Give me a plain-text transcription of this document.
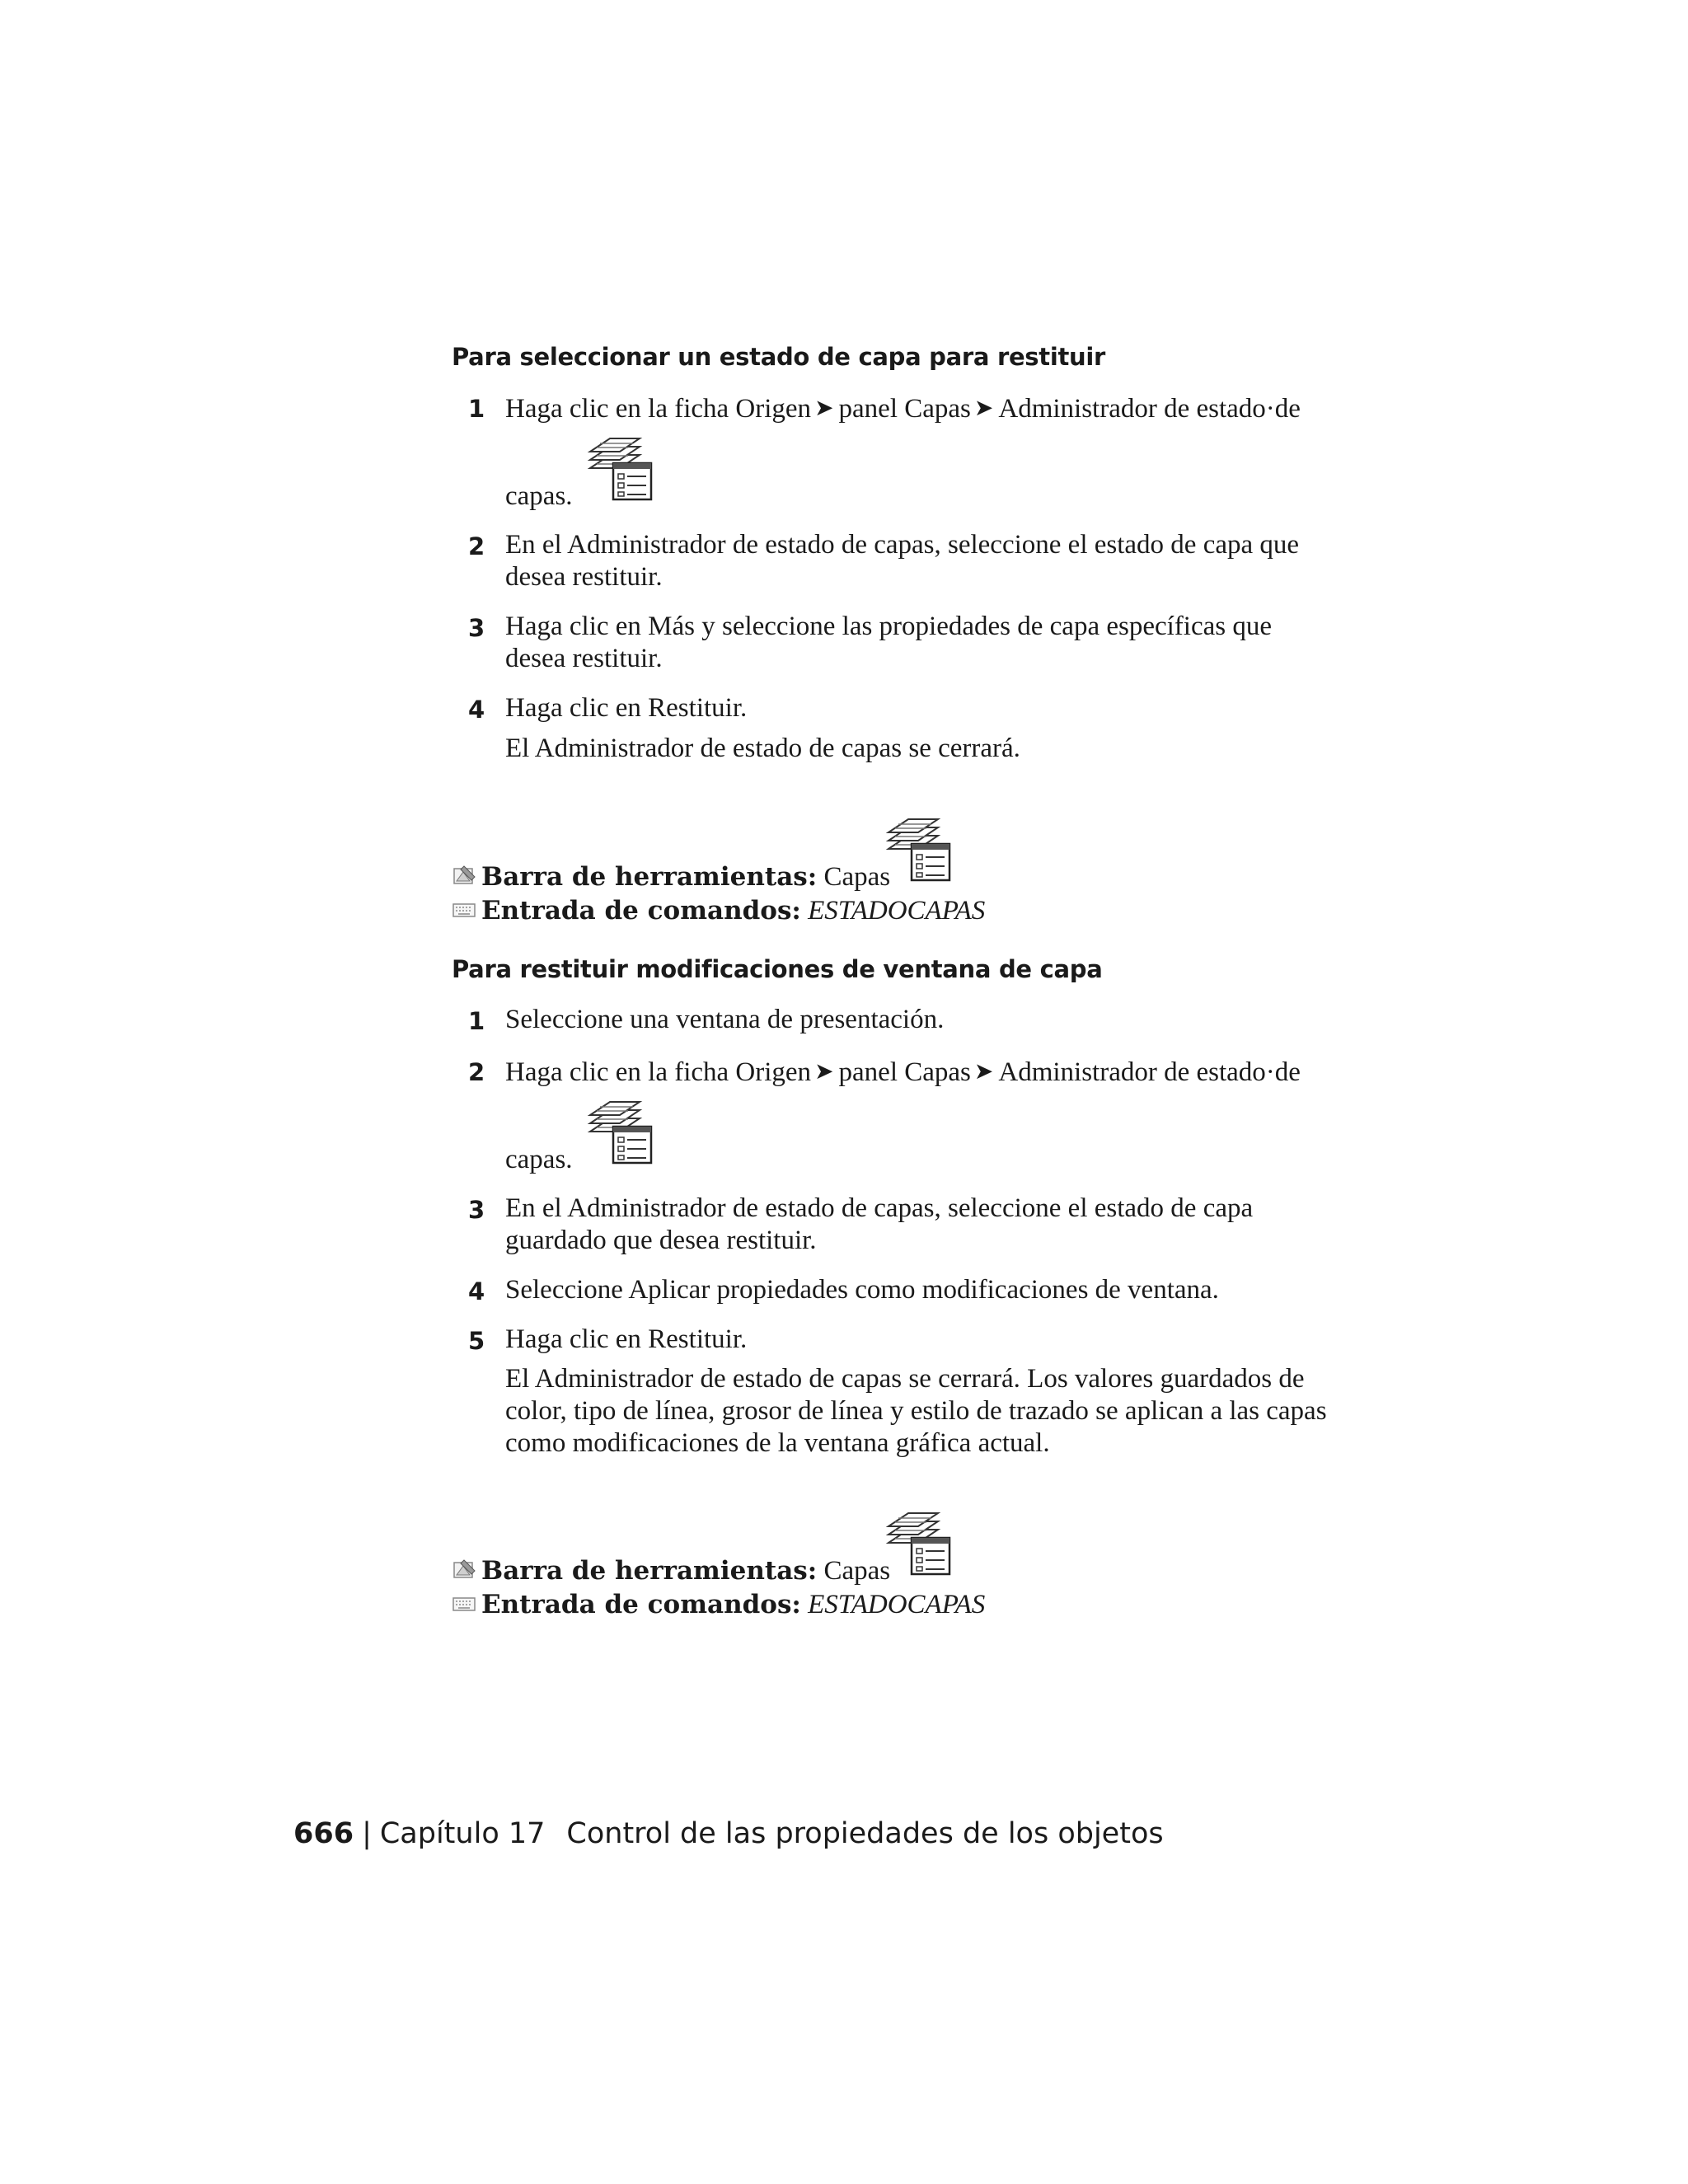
Para seleccionar un estado de capa para restituir
1 Haga clic en la ficha Origen ➤ panel Capas ➤ Administrador de estado·de
capas.
2 En el Administrador de estado de capas, seleccione el estado de capa que desea restituir.
3 Haga clic en Más y seleccione las propiedades de capa específicas que desea restituir.
4 Haga clic en Restituir.
El Administrador de estado de capas se cerrará.
Barra de herramientas: Capas
Entrada de comandos: ESTADOCAPAS
Para restituir modificaciones de ventana de capa
1 Seleccione una ventana de presentación.
2 Haga clic en la ficha Origen ➤ panel Capas ➤ Administrador de estado·de
capas.
3 En el Administrador de estado de capas, seleccione el estado de capa guardado que desea restituir.
4 Seleccione Aplicar propiedades como modificaciones de ventana.
5 Haga clic en Restituir.
El Administrador de estado de capas se cerrará. Los valores guardados de color, tipo de línea, grosor de línea y estilo de trazado se aplican a las capas como modificaciones de la ventana gráfica actual.
Barra de herramientas: Capas
Entrada de comandos: ESTADOCAPAS
666 | Capítulo 17 Control de las propiedades de los objetos
